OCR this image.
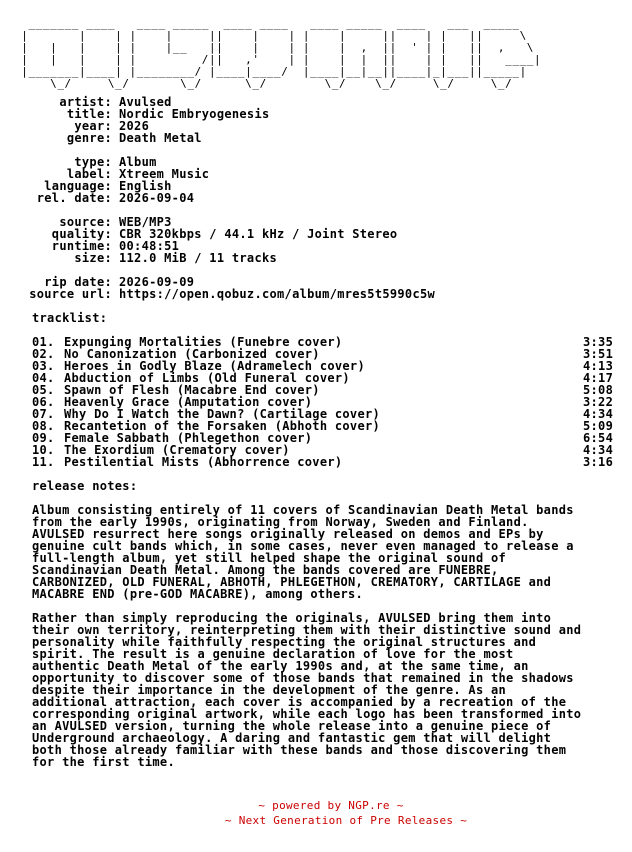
_______ ____   ____ _____  ____ ____   ____ _____  ____   ___  _____
|       |    | |    |     ||    |    | |    |     ||    | |   ||     \
|   |   |    | |    |__   ||    |    | |    |  ,  ||  ' | |   ||  ,   \
|   |   |    | |         /||   ,'    | |    |  |  ||    | |   ||   ____|
|_______|____| |________/ |____|____/  |____|__|__||____|_|___||_____|
\_/     \_/       \_/      \_/        \_/    \_/     \_/     \_/
artist: Avulsed
title: Nordic Embryogenesis
year: 2026
genre: Death Metal
type: Album
label: Xtreem Music
language: English
rel. date: 2026-09-04
source: WEB/MP3
quality: CBR 320kbps / 44.1 kHz / Joint Stereo
runtime: 00:48:51
size: 112.0 MiB / 11 tracks
rip date: 2026-09-09
source url: https://open.qobuz.com/album/mres5t5990c5w
tracklist:
01. Expunging Mortalities (Funebre cover)	3:35
02. No Canonization (Carbonized cover)	3:51
03. Heroes in Godly Blaze (Adramelech cover)	4:13
04. Abduction of Limbs (Old Funeral cover)	4:17
05. Spawn of Flesh (Macabre End cover)	5:08
06. Heavenly Grace (Amputation cover)	3:22
07. Why Do I Watch the Dawn? (Cartilage cover)	4:34
08. Recantetion of the Forsaken (Abhoth cover)	5:09
09. Female Sabbath (Phlegethon cover)	6:54
10. The Exordium (Crematory cover)	4:34
11. Pestilential Mists (Abhorrence cover)	3:16
release notes:
Album consisting entirely of 11 covers of Scandinavian Death Metal bands
from the early 1990s, originating from Norway, Sweden and Finland.
AVULSED resurrect here songs originally released on demos and EPs by
genuine cult bands which, in some cases, never even managed to release a
full-length album, yet still helped shape the original sound of
Scandinavian Death Metal. Among the bands covered are FUNEBRE,
CARBONIZED, OLD FUNERAL, ABHOTH, PHLEGETHON, CREMATORY, CARTILAGE and
MACABRE END (pre-GOD MACABRE), among others.
Rather than simply reproducing the originals, AVULSED bring them into
their own territory, reinterpreting them with their distinctive sound and
personality while faithfully respecting the original structures and
spirit. The result is a genuine declaration of love for the most
authentic Death Metal of the early 1990s and, at the same time, an
opportunity to discover some of those bands that remained in the shadows
despite their importance in the development of the genre. As an
additional attraction, each cover is accompanied by a recreation of the
corresponding original artwork, while each logo has been transformed into
an AVULSED version, turning the whole release into a genuine piece of
Underground archaeology. A daring and fantastic gem that will delight
both those already familiar with these bands and those discovering them
for the first time.
~ powered by NGP.re ~
~ Next Generation of Pre Releases ~
